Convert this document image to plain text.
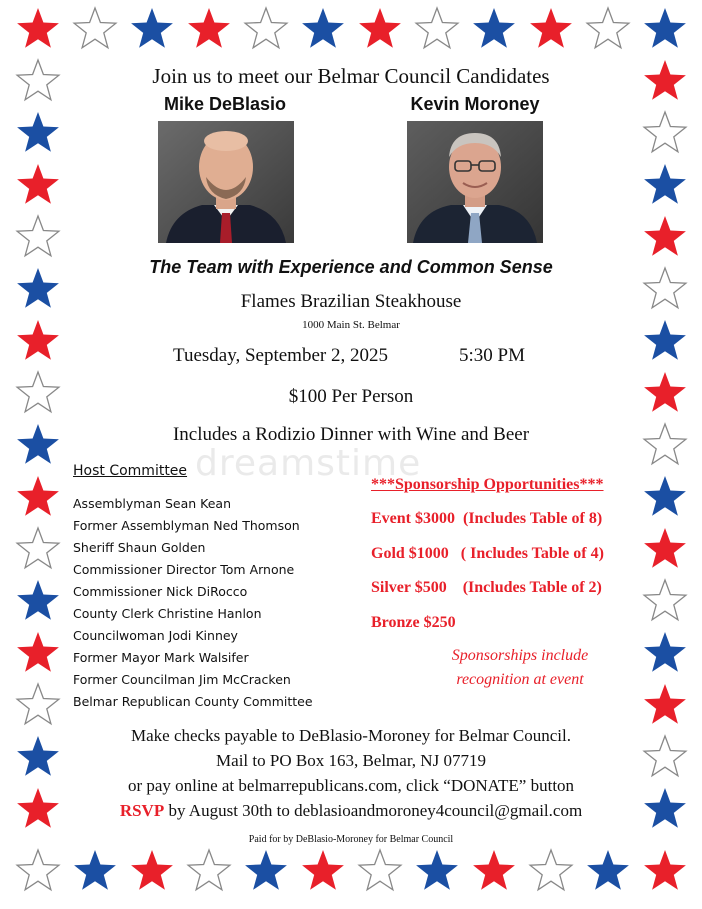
dreamstime
Join us to meet our Belmar Council Candidates
Mike DeBlasio	Kevin Moroney
The Team with Experience and Common Sense
Flames Brazilian Steakhouse
1000 Main St. Belmar
Tuesday, September 2, 2025	5:30 PM
$100 Per Person
Includes a Rodizio Dinner with Wine and Beer
Host Committee
Assemblyman Sean Kean
Former Assemblyman Ned Thomson
Sheriff Shaun Golden
Commissioner Director Tom Arnone
Commissioner Nick DiRocco
County Clerk Christine Hanlon
Councilwoman Jodi Kinney
Former Mayor Mark Walsifer
Former Councilman Jim McCracken
Belmar Republican County Committee
***Sponsorship Opportunities***
Event $3000  (Includes Table of 8)
Gold $1000   ( Includes Table of 4)
Silver $500    (Includes Table of 2)
Bronze $250
Sponsorships include
recognition at event
Make checks payable to DeBlasio-Moroney for Belmar Council.
Mail to PO Box 163, Belmar, NJ 07719
or pay online at belmarrepublicans.com, click “DONATE” button
RSVP by August 30th to deblasioandmoroney4council@gmail.com
Paid for by DeBlasio-Moroney for Belmar Council
